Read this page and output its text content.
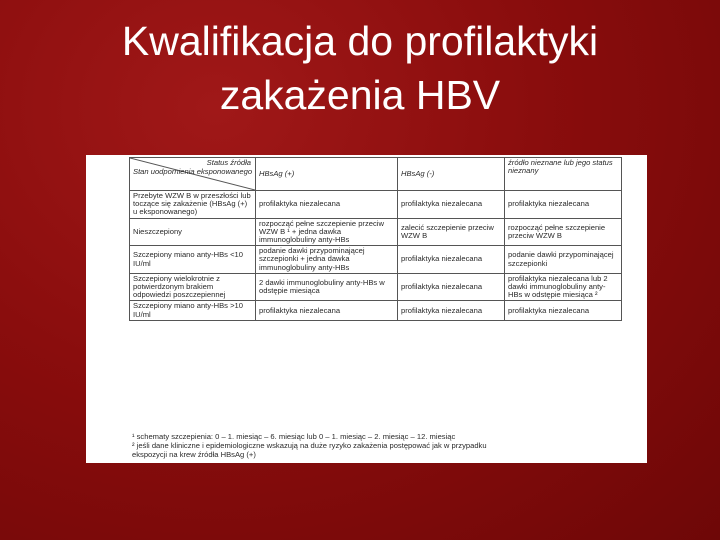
Kwalifikacja do profilaktyki
zakażenia HBV
Status źródła
Stan uodpornienia eksponowanego	HBsAg (+)	HBsAg (-)	źródło nieznane lub jego status nieznany
Przebyte WZW B w przeszłości lub toczące się zakażenie (HBsAg (+) u eksponowanego)	profilaktyka niezalecana	profilaktyka niezalecana	profilaktyka niezalecana
Nieszczepiony	rozpocząć pełne szczepienie przeciw WZW B ¹ + jedna dawka immunoglobuliny anty-HBs	zalecić szczepienie przeciw WZW B	rozpocząć pełne szczepienie przeciw WZW B
Szczepiony miano anty-HBs <10 IU/ml	podanie dawki przypominającej szczepionki + jedna dawka immunoglobuliny anty-HBs	profilaktyka niezalecana	podanie dawki przypominającej szczepionki
Szczepiony wielokrotnie z potwierdzonym brakiem odpowiedzi poszczepiennej	2 dawki immunoglobuliny anty-HBs w odstępie miesiąca	profilaktyka niezalecana	profilaktyka niezalecana lub 2 dawki immunoglobuliny anty-HBs w odstępie miesiąca ²
Szczepiony miano anty-HBs >10 IU/ml	profilaktyka niezalecana	profilaktyka niezalecana	profilaktyka niezalecana
¹ schematy szczepienia: 0 – 1. miesiąc – 6. miesiąc lub 0 – 1. miesiąc – 2. miesiąc – 12. miesiąc
² jeśli dane kliniczne i epidemiologiczne wskazują na duże ryzyko zakażenia postępować jak w przypadku
ekspozycji na krew źródła HBsAg (+)
